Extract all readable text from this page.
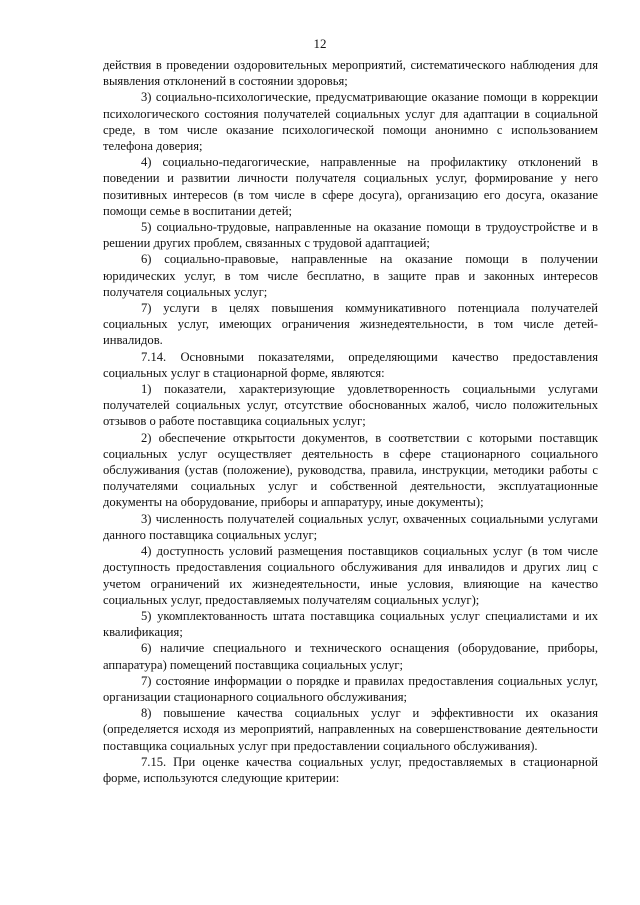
12

действия в проведении оздоровительных мероприятий, систематического наблюдения для выявления отклонений в состоянии здоровья;

3) социально-психологические, предусматривающие оказание помощи в коррекции психологического состояния получателей социальных услуг для адаптации в социальной среде, в том числе оказание психологической помощи анонимно с использованием телефона доверия;

4) социально-педагогические, направленные на профилактику отклонений в поведении и развитии личности получателя социальных услуг, формирование у него позитивных интересов (в том числе в сфере досуга), организацию его досуга, оказание помощи семье в воспитании детей;

5) социально-трудовые, направленные на оказание помощи в трудоустройстве и в решении других проблем, связанных с трудовой адаптацией;

6) социально-правовые, направленные на оказание помощи в получении юридических услуг, в том числе бесплатно, в защите прав и законных интересов получателя социальных услуг;

7) услуги в целях повышения коммуникативного потенциала получателей социальных услуг, имеющих ограничения жизнедеятельности, в том числе детей-инвалидов.

7.14. Основными показателями, определяющими качество предоставления социальных услуг в стационарной форме, являются:

1) показатели, характеризующие удовлетворенность социальными услугами получателей социальных услуг, отсутствие обоснованных жалоб, число положительных отзывов о работе поставщика социальных услуг;

2) обеспечение открытости документов, в соответствии с которыми поставщик социальных услуг осуществляет деятельность в сфере стационарного социального обслуживания (устав (положение), руководства, правила, инструкции, методики работы с получателями социальных услуг и собственной деятельности, эксплуатационные документы на оборудование, приборы и аппаратуру, иные документы);

3) численность получателей социальных услуг, охваченных социальными услугами данного поставщика социальных услуг;

4) доступность условий размещения поставщиков социальных услуг (в том числе доступность предоставления социального обслуживания для инвалидов и других лиц с учетом ограничений их жизнедеятельности, иные условия, влияющие на качество социальных услуг, предоставляемых получателям социальных услуг);

5) укомплектованность штата поставщика социальных услуг специалистами и их квалификация;

6) наличие специального и технического оснащения (оборудование, приборы, аппаратура) помещений поставщика социальных услуг;

7) состояние информации о порядке и правилах предоставления социальных услуг, организации стационарного социального обслуживания;

8) повышение качества социальных услуг и эффективности их оказания (определяется исходя из мероприятий, направленных на совершенствование деятельности поставщика социальных услуг при предоставлении социального обслуживания).

7.15. При оценке качества социальных услуг, предоставляемых в стационарной форме, используются следующие критерии:
